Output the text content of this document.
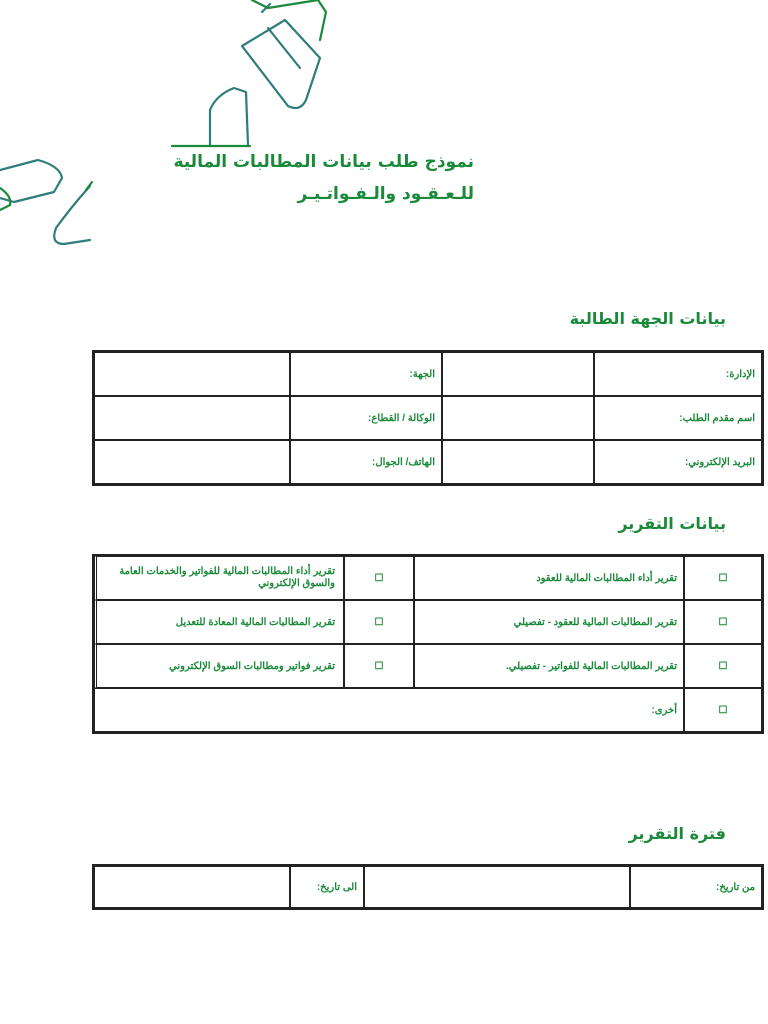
نموذج طلب بيانات المطالبات المالية
للـعـقـود والـفـواتـيـر
بيانات الجهة الطالبة
	الجهة:		الإدارة:
	الوكالة / القطاع:		اسم مقدم الطلب:
	الهاتف/ الجوال:		البريد الإلكتروني:
بيانات التقرير
تقرير أداء المطالبات المالية للفواتير والخدمات العامة والسوق الإلكتروني	☐	تقرير أداء المطالبات المالية للعقود	☐
تقرير المطالبات المالية المعادة للتعديل	☐	تقرير المطالبات المالية للعقود - تفصيلي	☐
تقرير فواتير ومطالبات السوق الإلكتروني	☐	تقرير المطالبات المالية للفواتير - تفصيلي.	☐
أخرى:			☐
فترة التقرير
	الى تاريخ:		من تاريخ:
